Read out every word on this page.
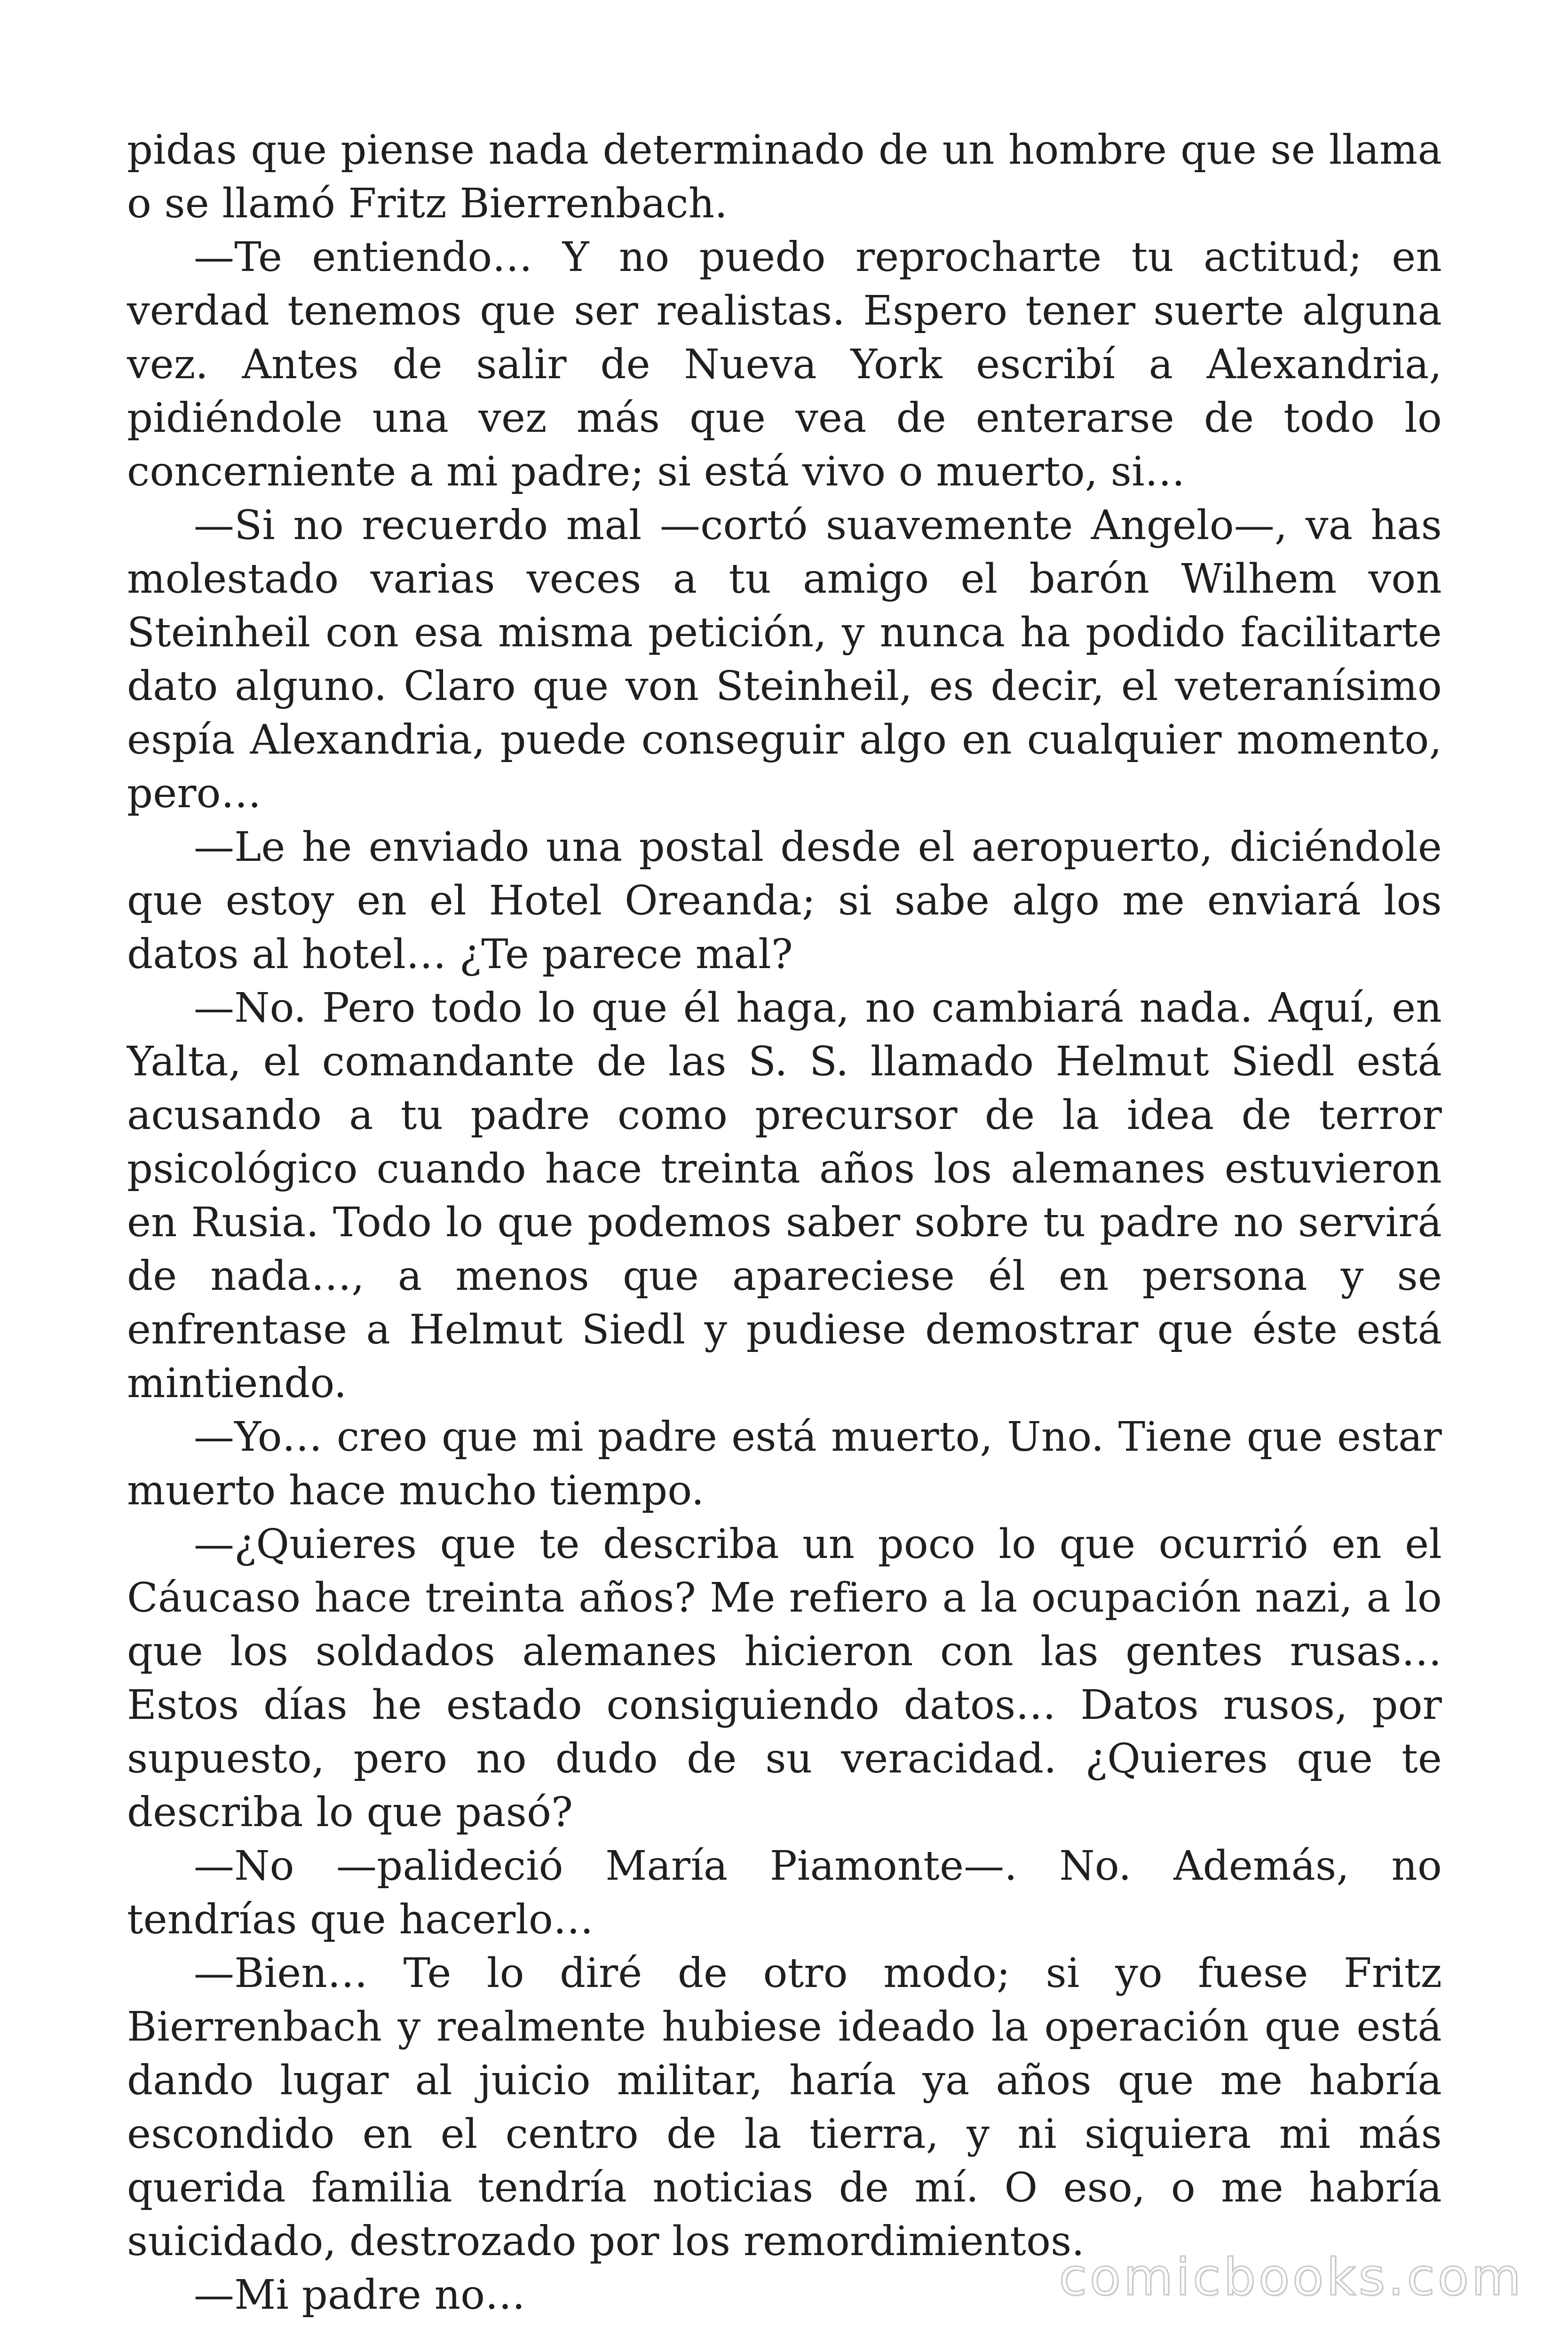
pidas que piense nada determinado de un hombre que se llama o se llamó Fritz Bierrenbach.

—Te entiendo… Y no puedo reprocharte tu actitud; en verdad tenemos que ser realistas. Espero tener suerte alguna vez. Antes de salir de Nueva York escribí a Alexandria, pidiéndole una vez más que vea de enterarse de todo lo concerniente a mi padre; si está vivo o muerto, si…

—Si no recuerdo mal —cortó suavemente Angelo—, va has molestado varias veces a tu amigo el barón Wilhem von Steinheil con esa misma petición, y nunca ha podido facilitarte dato alguno. Claro que von Steinheil, es decir, el veteranísimo espía Alexandria, puede conseguir algo en cualquier momento, pero…

—Le he enviado una postal desde el aeropuerto, diciéndole que estoy en el Hotel Oreanda; si sabe algo me enviará los datos al hotel… ¿Te parece mal?

—No. Pero todo lo que él haga, no cambiará nada. Aquí, en Yalta, el comandante de las S. S. llamado Helmut Siedl está acusando a tu padre como precursor de la idea de terror psicológico cuando hace treinta años los alemanes estuvieron en Rusia. Todo lo que podemos saber sobre tu padre no servirá de nada…, a menos que apareciese él en persona y se enfrentase a Helmut Siedl y pudiese demostrar que éste está mintiendo.

—Yo… creo que mi padre está muerto, Uno. Tiene que estar muerto hace mucho tiempo.

—¿Quieres que te describa un poco lo que ocurrió en el Cáucaso hace treinta años? Me refiero a la ocupación nazi, a lo que los soldados alemanes hicieron con las gentes rusas… Estos días he estado consiguiendo datos… Datos rusos, por supuesto, pero no dudo de su veracidad. ¿Quieres que te describa lo que pasó?

—No —palideció María Piamonte—. No. Además, no tendrías que hacerlo…

—Bien… Te lo diré de otro modo; si yo fuese Fritz Bierrenbach y realmente hubiese ideado la operación que está dando lugar al juicio militar, haría ya años que me habría escondido en el centro de la tierra, y ni siquiera mi más querida familia tendría noticias de mí. O eso, o me habría suicidado, destrozado por los remordimientos.

—Mi padre no…	comicbooks.com
